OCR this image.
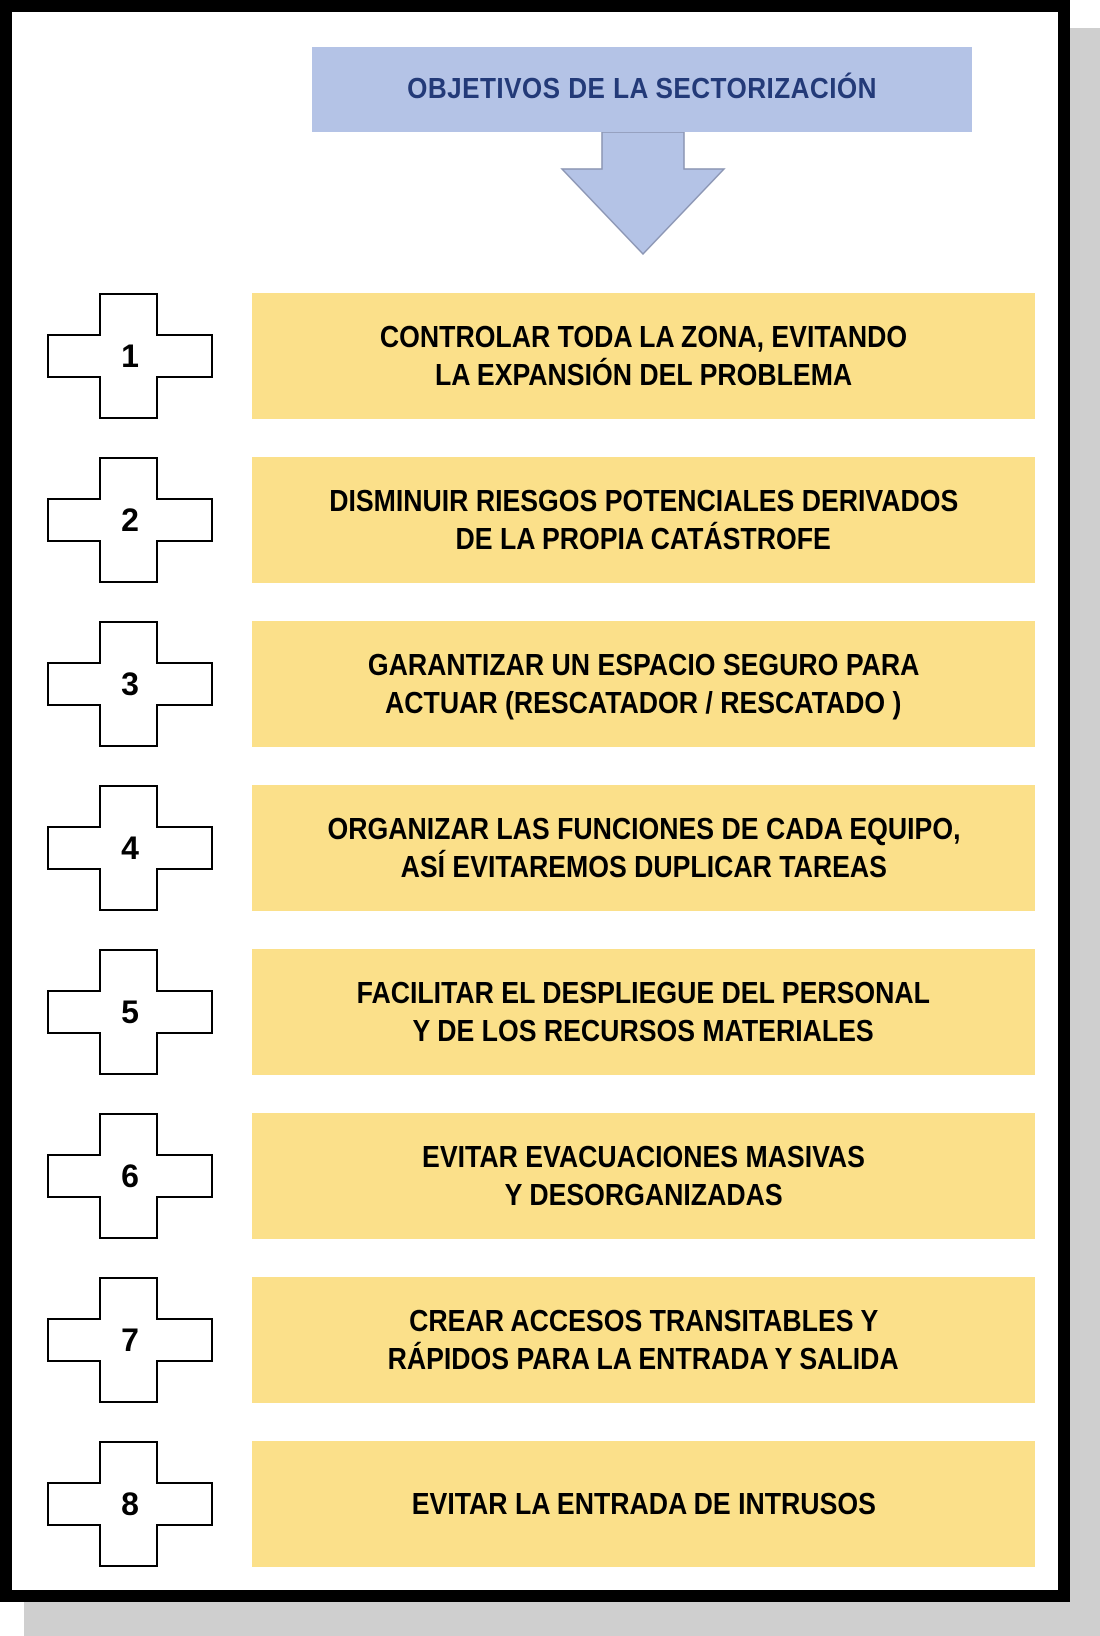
OBJETIVOS DE LA SECTORIZACIÓN
1
CONTROLAR TODA LA ZONA, EVITANDO
LA EXPANSIÓN DEL PROBLEMA
2
DISMINUIR RIESGOS POTENCIALES DERIVADOS
DE LA PROPIA CATÁSTROFE
3
GARANTIZAR UN ESPACIO SEGURO PARA
ACTUAR (RESCATADOR / RESCATADO )
4
ORGANIZAR LAS FUNCIONES DE CADA EQUIPO,
ASÍ EVITAREMOS DUPLICAR TAREAS
5
FACILITAR EL DESPLIEGUE DEL PERSONAL
Y DE LOS RECURSOS MATERIALES
6
EVITAR EVACUACIONES MASIVAS
Y DESORGANIZADAS
7
CREAR ACCESOS TRANSITABLES Y
RÁPIDOS PARA LA ENTRADA Y SALIDA
8	EVITAR LA ENTRADA DE INTRUSOS
